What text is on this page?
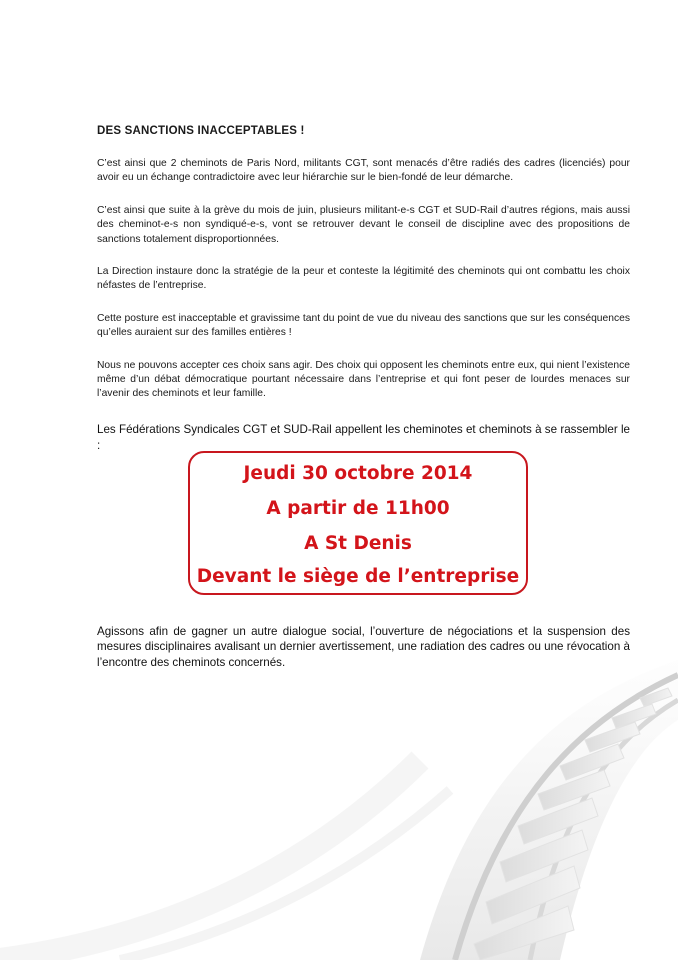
DES SANCTIONS INACCEPTABLES !

C’est ainsi que 2 cheminots de Paris Nord, militants CGT, sont menacés d’être radiés des cadres (licenciés) pour avoir eu un échange contradictoire avec leur hiérarchie sur le bien-fondé de leur démarche.

C’est ainsi que suite à la grève du mois de juin, plusieurs militant-e-s CGT et SUD-Rail d’autres régions, mais aussi des cheminot-e-s non syndiqué-e-s, vont se retrouver devant le conseil de discipline avec des propositions de sanctions totalement disproportionnées.

La Direction instaure donc la stratégie de la peur et conteste la légitimité des cheminots qui ont combattu les choix néfastes de l’entreprise.

Cette posture est inacceptable et gravissime tant du point de vue du niveau des sanctions que sur les conséquences qu’elles auraient sur des familles entières !

Nous ne pouvons accepter ces choix sans agir. Des choix qui opposent les cheminots entre eux, qui nient l’existence même d’un débat démocratique pourtant nécessaire dans l’entreprise et qui font peser de lourdes menaces sur l’avenir des cheminots et leur famille.

Les Fédérations Syndicales CGT et SUD-Rail appellent les cheminotes et cheminots à se rassembler le :

Jeudi 30 octobre 2014
A partir de 11h00
A St Denis
Devant le siège de l’entreprise

Agissons afin de gagner un autre dialogue social, l’ouverture de négociations et la suspension des mesures disciplinaires avalisant un dernier avertissement, une radiation des cadres ou une révocation à l’encontre des cheminots concernés.
